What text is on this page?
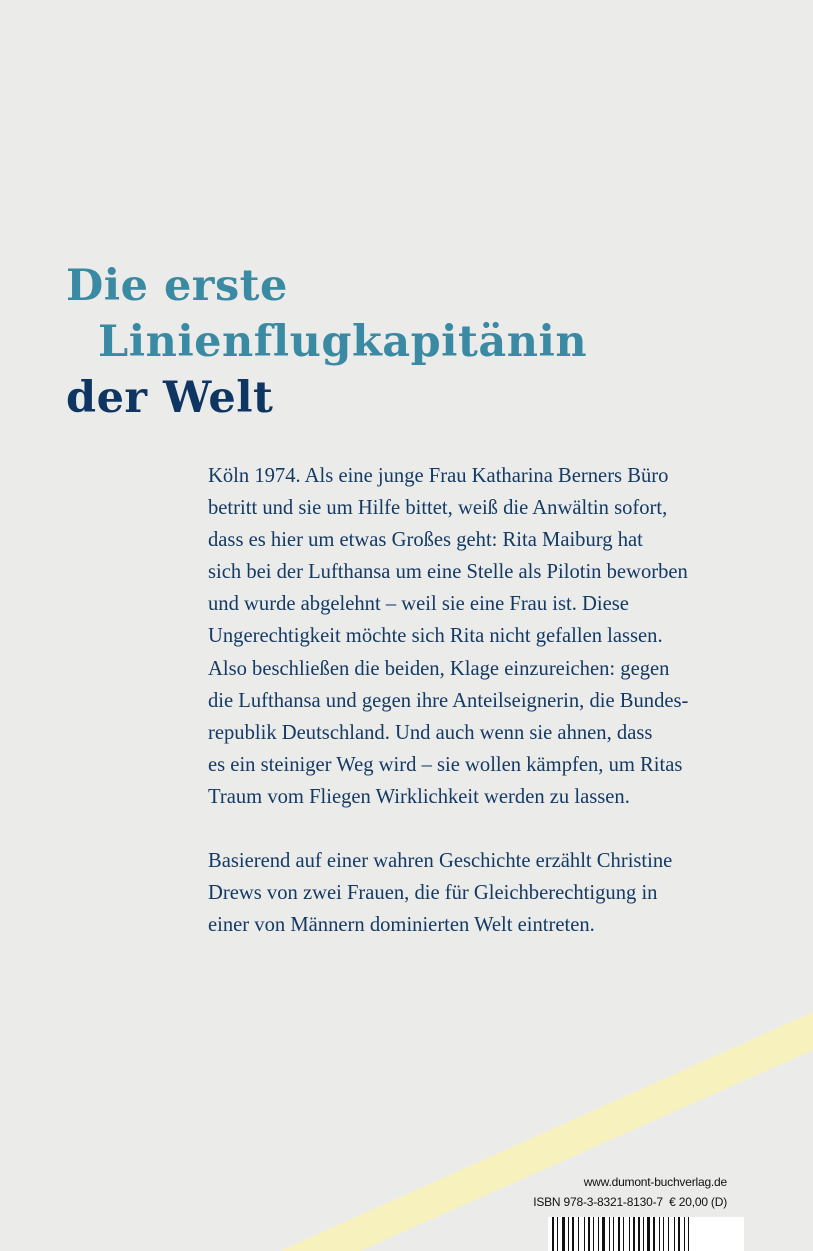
Die erste
Linienflugkapitänin
der Welt

Köln 1974. Als eine junge Frau Katharina Berners Büro
betritt und sie um Hilfe bittet, weiß die Anwältin sofort,
dass es hier um etwas Großes geht: Rita Maiburg hat
sich bei der Lufthansa um eine Stelle als Pilotin beworben
und wurde abgelehnt – weil sie eine Frau ist. Diese
Ungerechtigkeit möchte sich Rita nicht gefallen lassen.
Also beschließen die beiden, Klage einzureichen: gegen
die Lufthansa und gegen ihre Anteilseignerin, die Bundes-
republik Deutschland. Und auch wenn sie ahnen, dass
es ein steiniger Weg wird – sie wollen kämpfen, um Ritas
Traum vom Fliegen Wirklichkeit werden zu lassen.

Basierend auf einer wahren Geschichte erzählt Christine
Drews von zwei Frauen, die für Gleichberechtigung in
einer von Männern dominierten Welt eintreten.

www.dumont-buchverlag.de
ISBN 978-3-8321-8130-7 € 20,00 (D)
